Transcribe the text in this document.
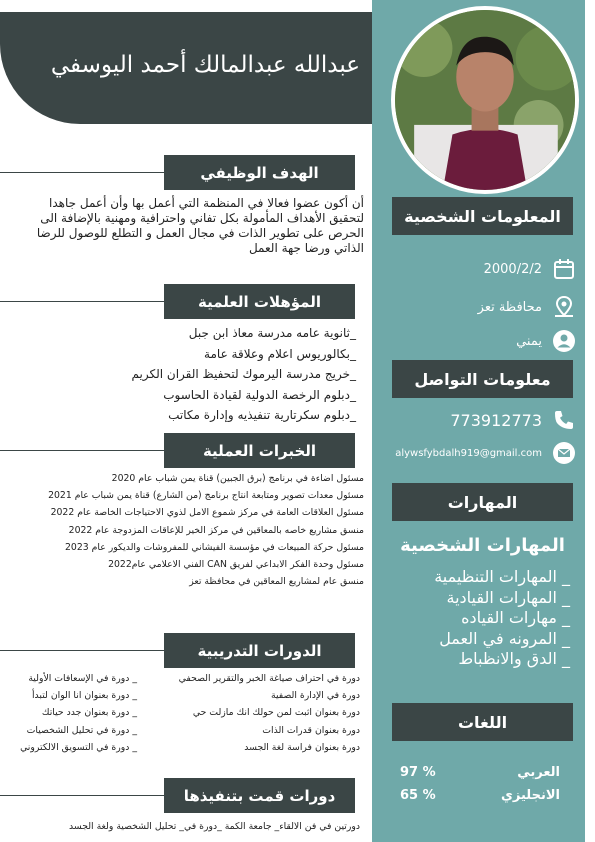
المعلومات الشخصية
2000/2/2
محافظة تعز
يمني
معلومات التواصل
773912773
alywsfybdalh919@gmail.com
المهارات
المهارات الشخصية
_ المهارات التنظيمية
_ المهارات القيادية
_ مهارات القياده
_ المرونه في العمل
_ الدق والانظباط
اللغات
97 %	العربي
65 %	الانجليزي
عبدالله عبدالمالك أحمد اليوسفي
الهدف الوظيفي

أن أكون عضوا فعالا في المنظمة التي أعمل بها وأن أعمل جاهدا لتحقيق الأهداف المأمولة بكل تفاني واحترافية ومهنية بالإضافة الى الحرص على تطوير الذات في مجال العمل و التطلع للوصول للرضا الذاتي ورضا جهة العمل

المؤهلات العلمية
_ثانوية عامه مدرسة معاذ ابن جبل
_بكالوريوس اعلام وعلاقة عامة
_خريج مدرسة اليرموك لتحفيظ القران الكريم
_دبلوم الرخصة الدولية لقيادة الحاسوب
_دبلوم سكرتارية تنفيذيه وإدارة مكاتب
الخبرات العملية
مسئول اضاءة في برنامج (برق الجبين) قناة يمن شباب عام 2020
مسئول معدات تصوير ومتابعة انتاج برنامج (من الشارع) قناة يمن شباب عام 2021
مسئول العلاقات العامة في مركز شموع الامل لذوي الاحتياجات الخاصة عام 2022
منسق مشاريع خاصه بالمعاقين في مركز الخير للإعاقات المزدوجة عام 2022
مسئول حركة المبيعات في مؤسسة الفيشاني للمفروشات والديكور عام 2023
مسئول وحدة الفكر الابداعي لفريق CAN الفني الاعلامي عام2022
منسق عام لمشاريع المعاقين في محافظة تعز
الدورات التدريبية
دورة في احتراف صياغة الخبر والتقرير الصحفي
دورة في الإدارة الصفية
دورة بعنوان اثبت لمن حولك انك مازلت حي
دورة بعنوان قدرات الذات
دورة بعنوان فراسة لغة الجسد
_ دورة في الإسعافات الأولية
_ دورة بعنوان انا الوان لتبدأ
_ دورة بعنوان جدد حياتك
_ دورة في تحليل الشخصيات
_ دورة في التسويق الالكتروني
دورات قمت بتنفيذها
دورتين في فن الالقاء_ جامعة الكمة _دورة في_ تحليل الشخصية ولغة الجسد
